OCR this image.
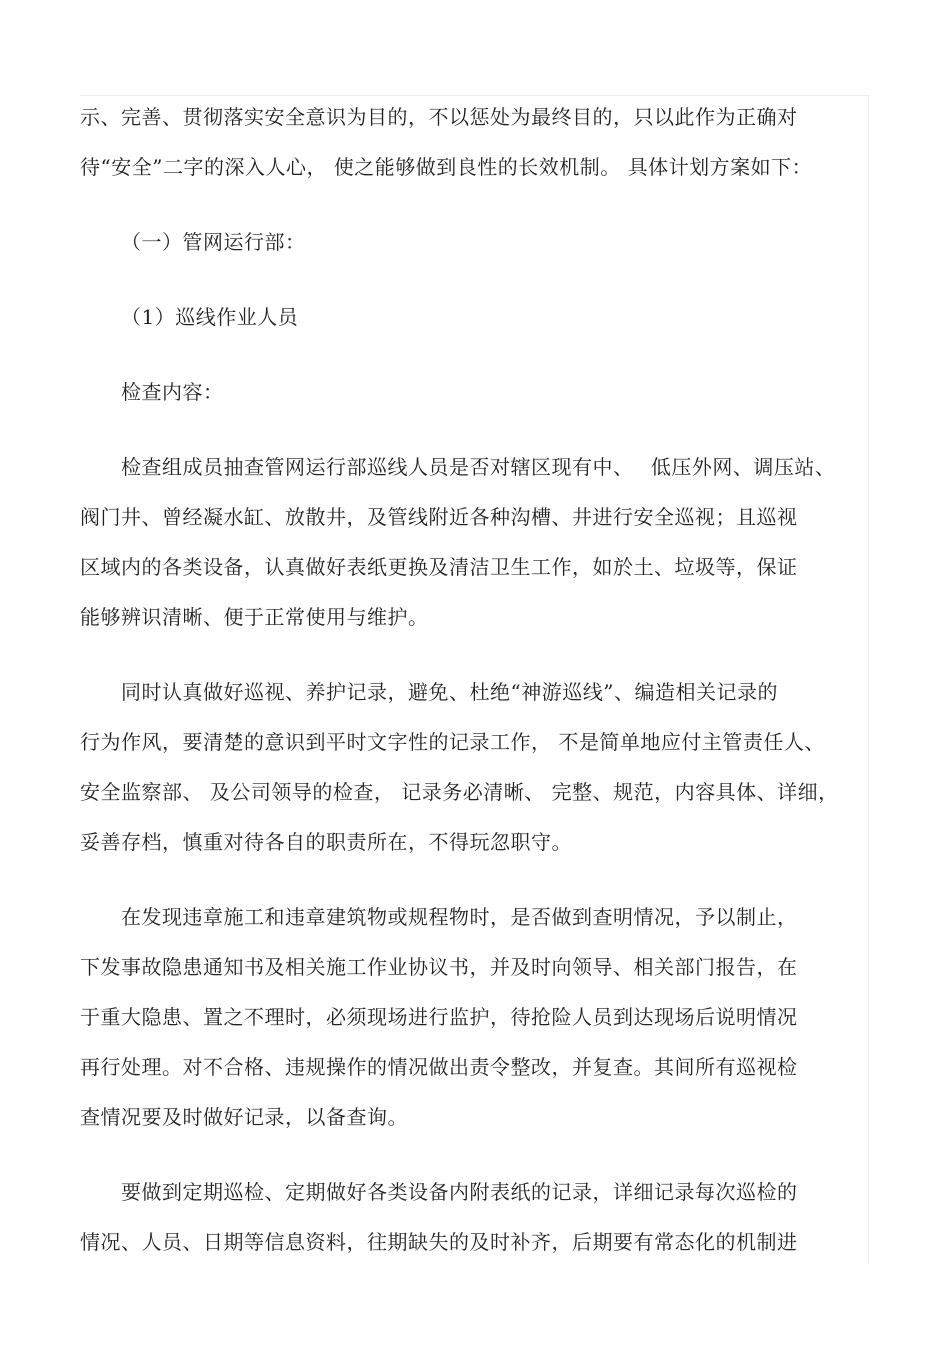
示、完善、贯彻落实安全意识为目的，不以惩处为最终目的，只以此作为正确对
待“安全”二字的深入人心， 使之能够做到良性的长效机制。 具体计划方案如下：
（一）管网运行部：
（1）巡线作业人员
检查内容：
检查组成员抽查管网运行部巡线人员是否对辖区现有中、　 低压外网、调压站、
阀门井、曾经凝水缸、放散井，及管线附近各种沟槽、井进行安全巡视；且巡视
区域内的各类设备，认真做好表纸更换及清洁卫生工作，如於土、垃圾等，保证
能够辨识清晰、便于正常使用与维护。
同时认真做好巡视、养护记录，避免、杜绝“神游巡线”、编造相关记录的
行为作风，要清楚的意识到平时文字性的记录工作， 不是简单地应付主管责任人、
安全监察部、 及公司领导的检查， 记录务必清晰、 完整、规范，内容具体、详细，
妥善存档，慎重对待各自的职责所在，不得玩忽职守。
在发现违章施工和违章建筑物或规程物时，是否做到查明情况，予以制止，
下发事故隐患通知书及相关施工作业协议书，并及时向领导、相关部门报告，在
于重大隐患、置之不理时，必须现场进行监护，待抢险人员到达现场后说明情况
再行处理。对不合格、违规操作的情况做出责令整改，并复查。其间所有巡视检
查情况要及时做好记录，以备查询。
要做到定期巡检、定期做好各类设备内附表纸的记录，详细记录每次巡检的
情况、人员、日期等信息资料，往期缺失的及时补齐，后期要有常态化的机制进
